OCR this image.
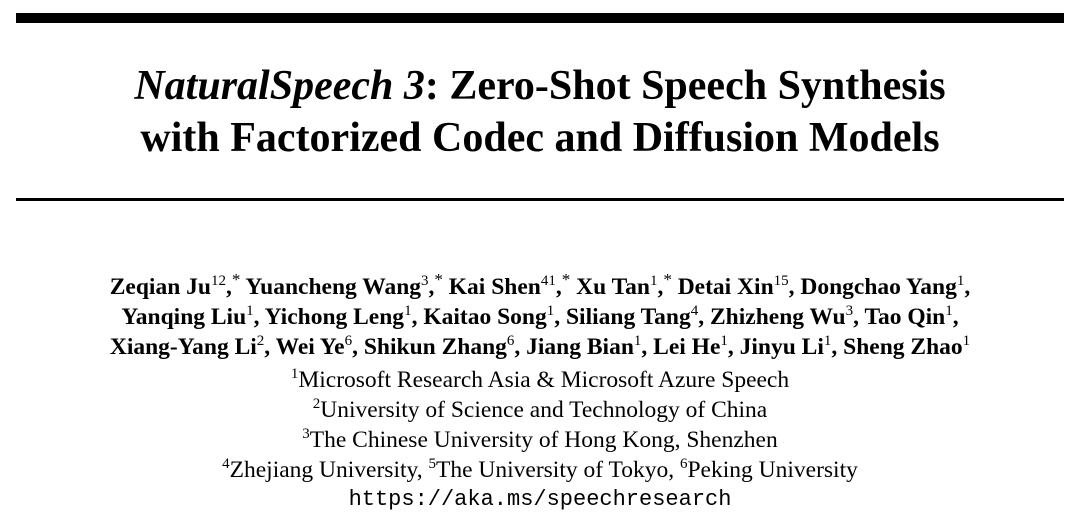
NaturalSpeech 3: Zero-Shot Speech Synthesis
with Factorized Codec and Diffusion Models
Zeqian Ju$^{12}$,* Yuancheng Wang$^3$,* Kai Shen$^{41}$,* Xu Tan$^1$,* Detai Xin$^{15}$, Dongchao Yang$^1$,
Yanqing Liu$^1$, Yichong Leng$^1$, Kaitao Song$^1$, Siliang Tang$^4$, Zhizheng Wu$^3$, Tao Qin$^1$,
Xiang-Yang Li$^2$, Wei Ye$^6$, Shikun Zhang$^6$, Jiang Bian$^1$, Lei He$^1$, Jinyu Li$^1$, Sheng Zhao$^1$
$^1$Microsoft Research Asia & Microsoft Azure Speech
$^2$University of Science and Technology of China
$^3$The Chinese University of Hong Kong, Shenzhen
$^4$Zhejiang University, $^5$The University of Tokyo, $^6$Peking University
https://aka.ms/speechresearch
